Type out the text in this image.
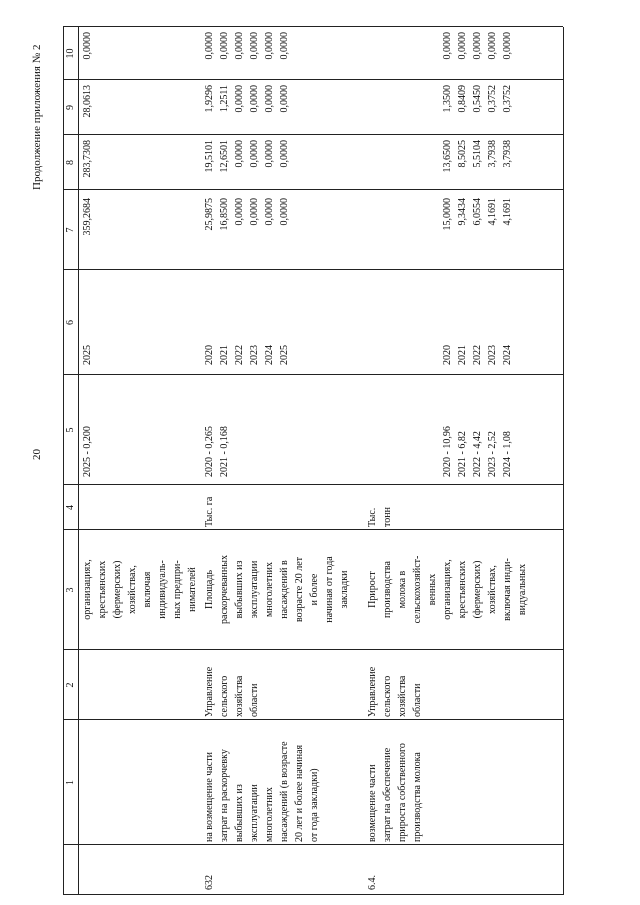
20
Продолжение приложения № 2
1
2
3
4
5
6
7
8
9
10
организациях, крестьянских (фермерских) хозяйствах, включая индивидуаль- ных предпри- нимателей
2025 - 0,200
2025
359,2684
283,7308
28,0613
0,0000
632
на возмещение части затрат на раскорчевку выбывших из эксплуатации многолетних насаждений (в возрасте 20 лет и более начиная от года закладки)
Управление сельского хозяйства области
Площадь раскорчеванных выбывших из эксплуатации многолетних насаждений в возрасте 20 лет и более начиная от года закладки
Тыс. га
2020 - 0,265 2021 - 0,168
2020 2021 2022 2023 2024 2025
25,9875 16,8500 0,0000 0,0000 0,0000 0,0000
19,5101 12,6501 0,0000 0,0000 0,0000 0,0000
1,9296 1,2511 0,0000 0,0000 0,0000 0,0000
0,0000 0,0000 0,0000 0,0000 0,0000 0,0000
6.4.
возмещение части затрат на обеспечение прироста собственного производства молока
Управление сельского хозяйства области
Прирост производства молока в сельскохозяйст- венных организациях, крестьянских (фермерских) хозяйствах, включая инди- видуальных
Тыс. тонн
2020 - 10,96 2021 - 6,82 2022 - 4,42 2023 - 2,52 2024 - 1,08
2020 2021 2022 2023 2024
15,0000 9,3434 6,0554 4,1691 4,1691
13,6500 8,5025 5,5104 3,7938 3,7938
1,3500 0,8409 0,5450 0,3752 0,3752
0,0000 0,0000 0,0000 0,0000 0,0000
